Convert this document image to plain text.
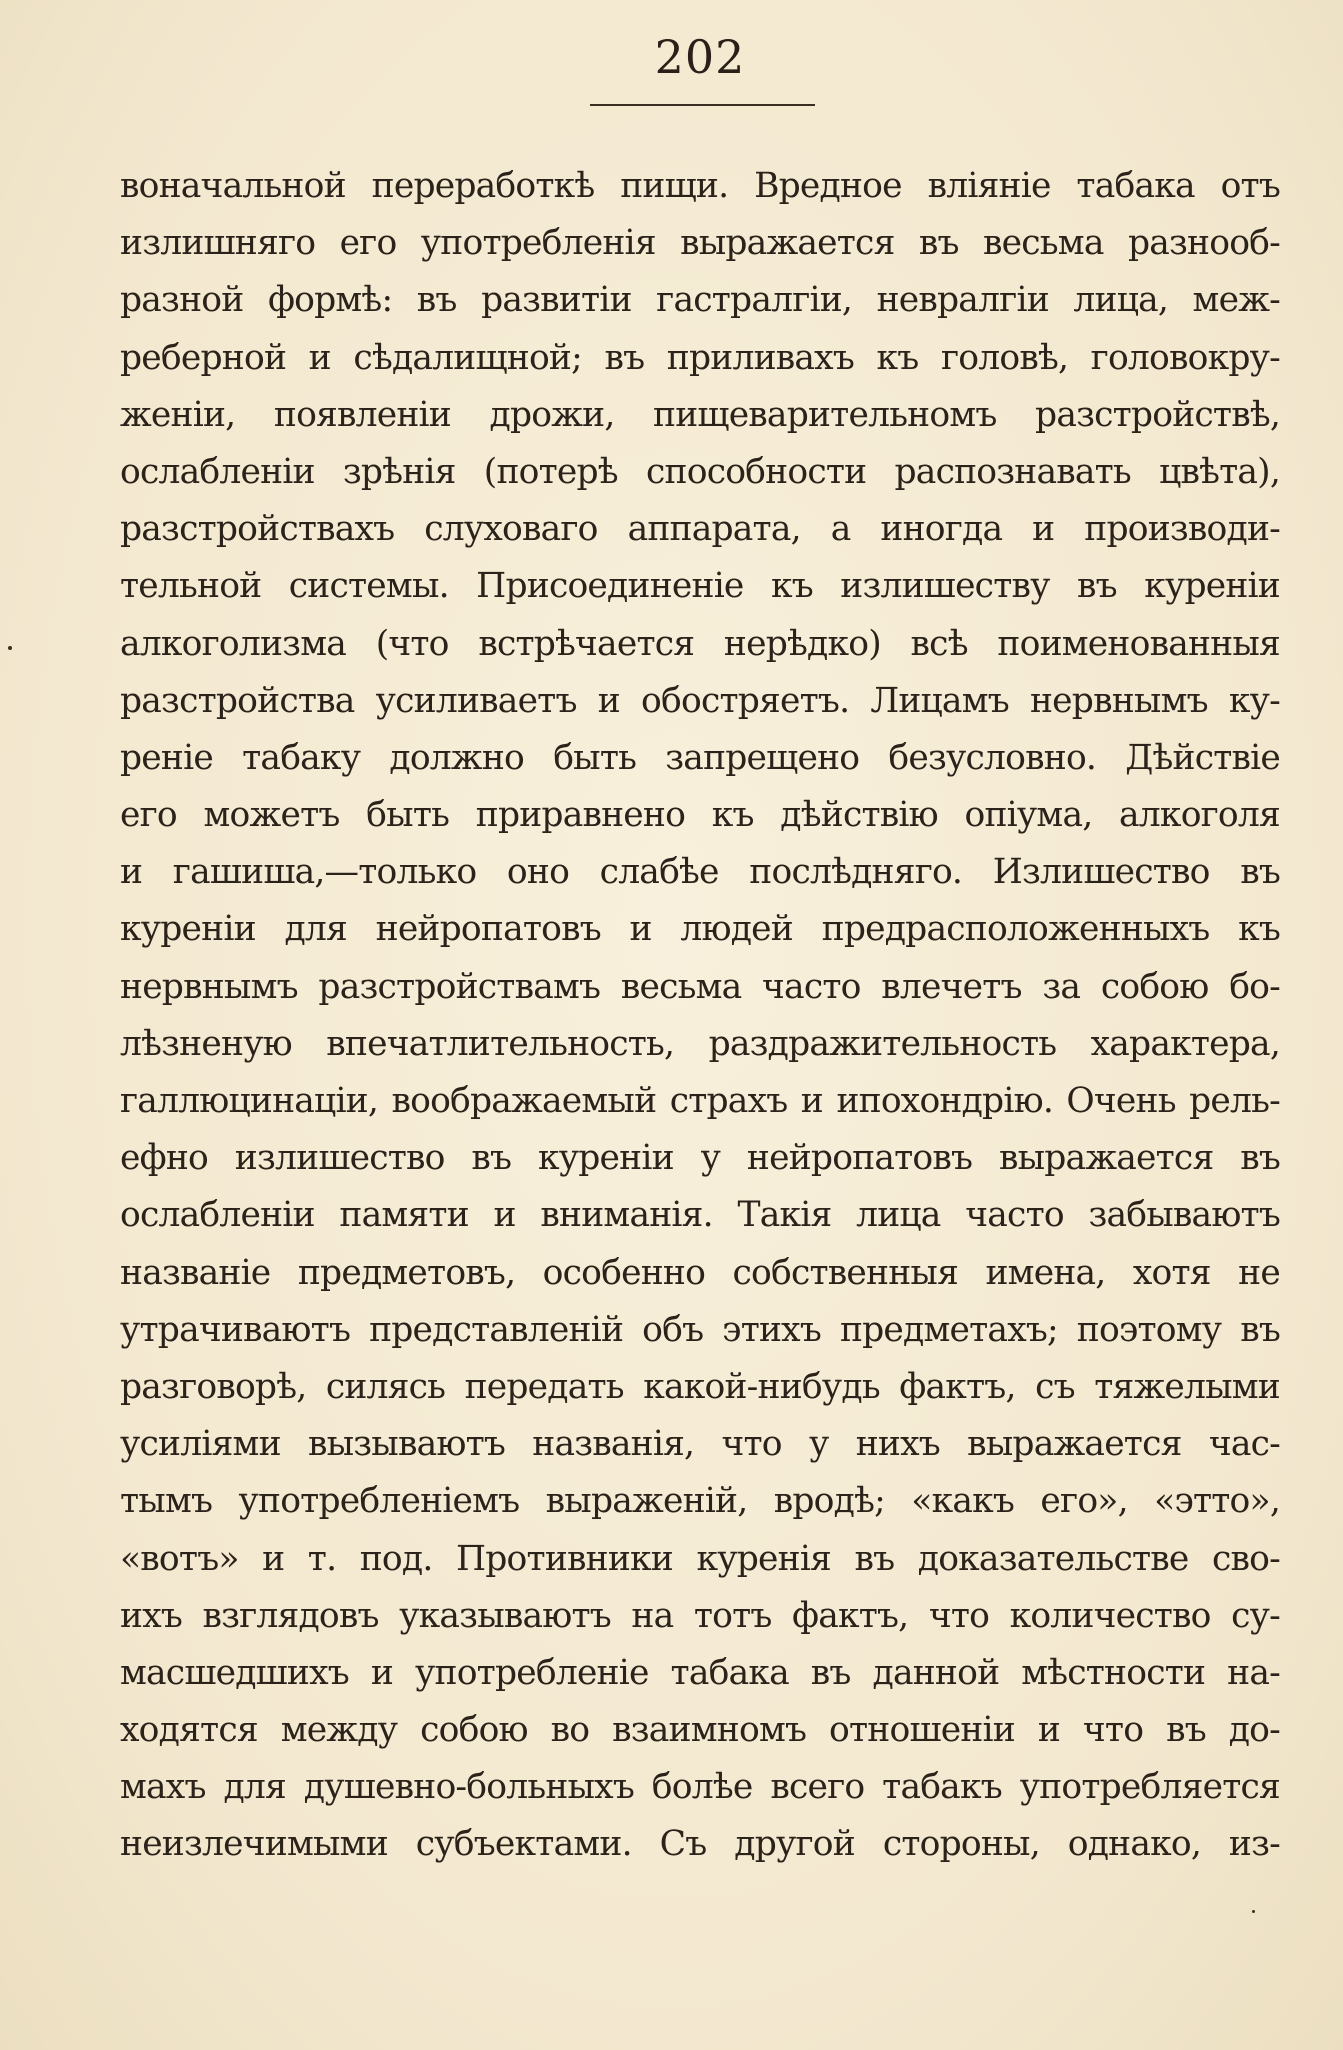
202
воначальной переработкѣ пищи. Вредное вліяніе табака отъ
излишняго его употребленія выражается въ весьма разнооб-
разной формѣ: въ развитіи гастралгіи, невралгіи лица, меж-
реберной и сѣдалищной; въ приливахъ къ головѣ, головокру-
женіи, появленіи дрожи, пищеварительномъ разстройствѣ,
ослабленіи зрѣнія (потерѣ способности распознавать цвѣта),
разстройствахъ слуховаго аппарата, а иногда и производи-
тельной системы. Присоединеніе къ излишеству въ куреніи
алкоголизма (что встрѣчается нерѣдко) всѣ поименованныя
разстройства усиливаетъ и обостряетъ. Лицамъ нервнымъ ку-
реніе табаку должно быть запрещено безусловно. Дѣйствіе
его можетъ быть приравнено къ дѣйствію опіума, алкоголя
и гашиша,—только оно слабѣе послѣдняго. Излишество въ
куреніи для нейропатовъ и людей предрасположенныхъ къ
нервнымъ разстройствамъ весьма часто влечетъ за собою бо-
лѣзненую впечатлительность, раздражительность характера,
галлюцинаціи, воображаемый страхъ и ипохондрію. Очень рель-
ефно излишество въ куреніи у нейропатовъ выражается въ
ослабленіи памяти и вниманія. Такія лица часто забываютъ
названіе предметовъ, особенно собственныя имена, хотя не
утрачиваютъ представленій объ этихъ предметахъ; поэтому въ
разговорѣ, силясь передать какой-нибудь фактъ, съ тяжелыми
усиліями вызываютъ названія, что у нихъ выражается час-
тымъ употребленіемъ выраженій, вродѣ; «какъ его», «этто»,
«вотъ» и т. под. Противники куренія въ доказательстве сво-
ихъ взглядовъ указываютъ на тотъ фактъ, что количество су-
масшедшихъ и употребленіе табака въ данной мѣстности на-
ходятся между собою во взаимномъ отношеніи и что въ до-
махъ для душевно-больныхъ болѣе всего табакъ употребляется
неизлечимыми субъектами. Съ другой стороны, однако, из-
